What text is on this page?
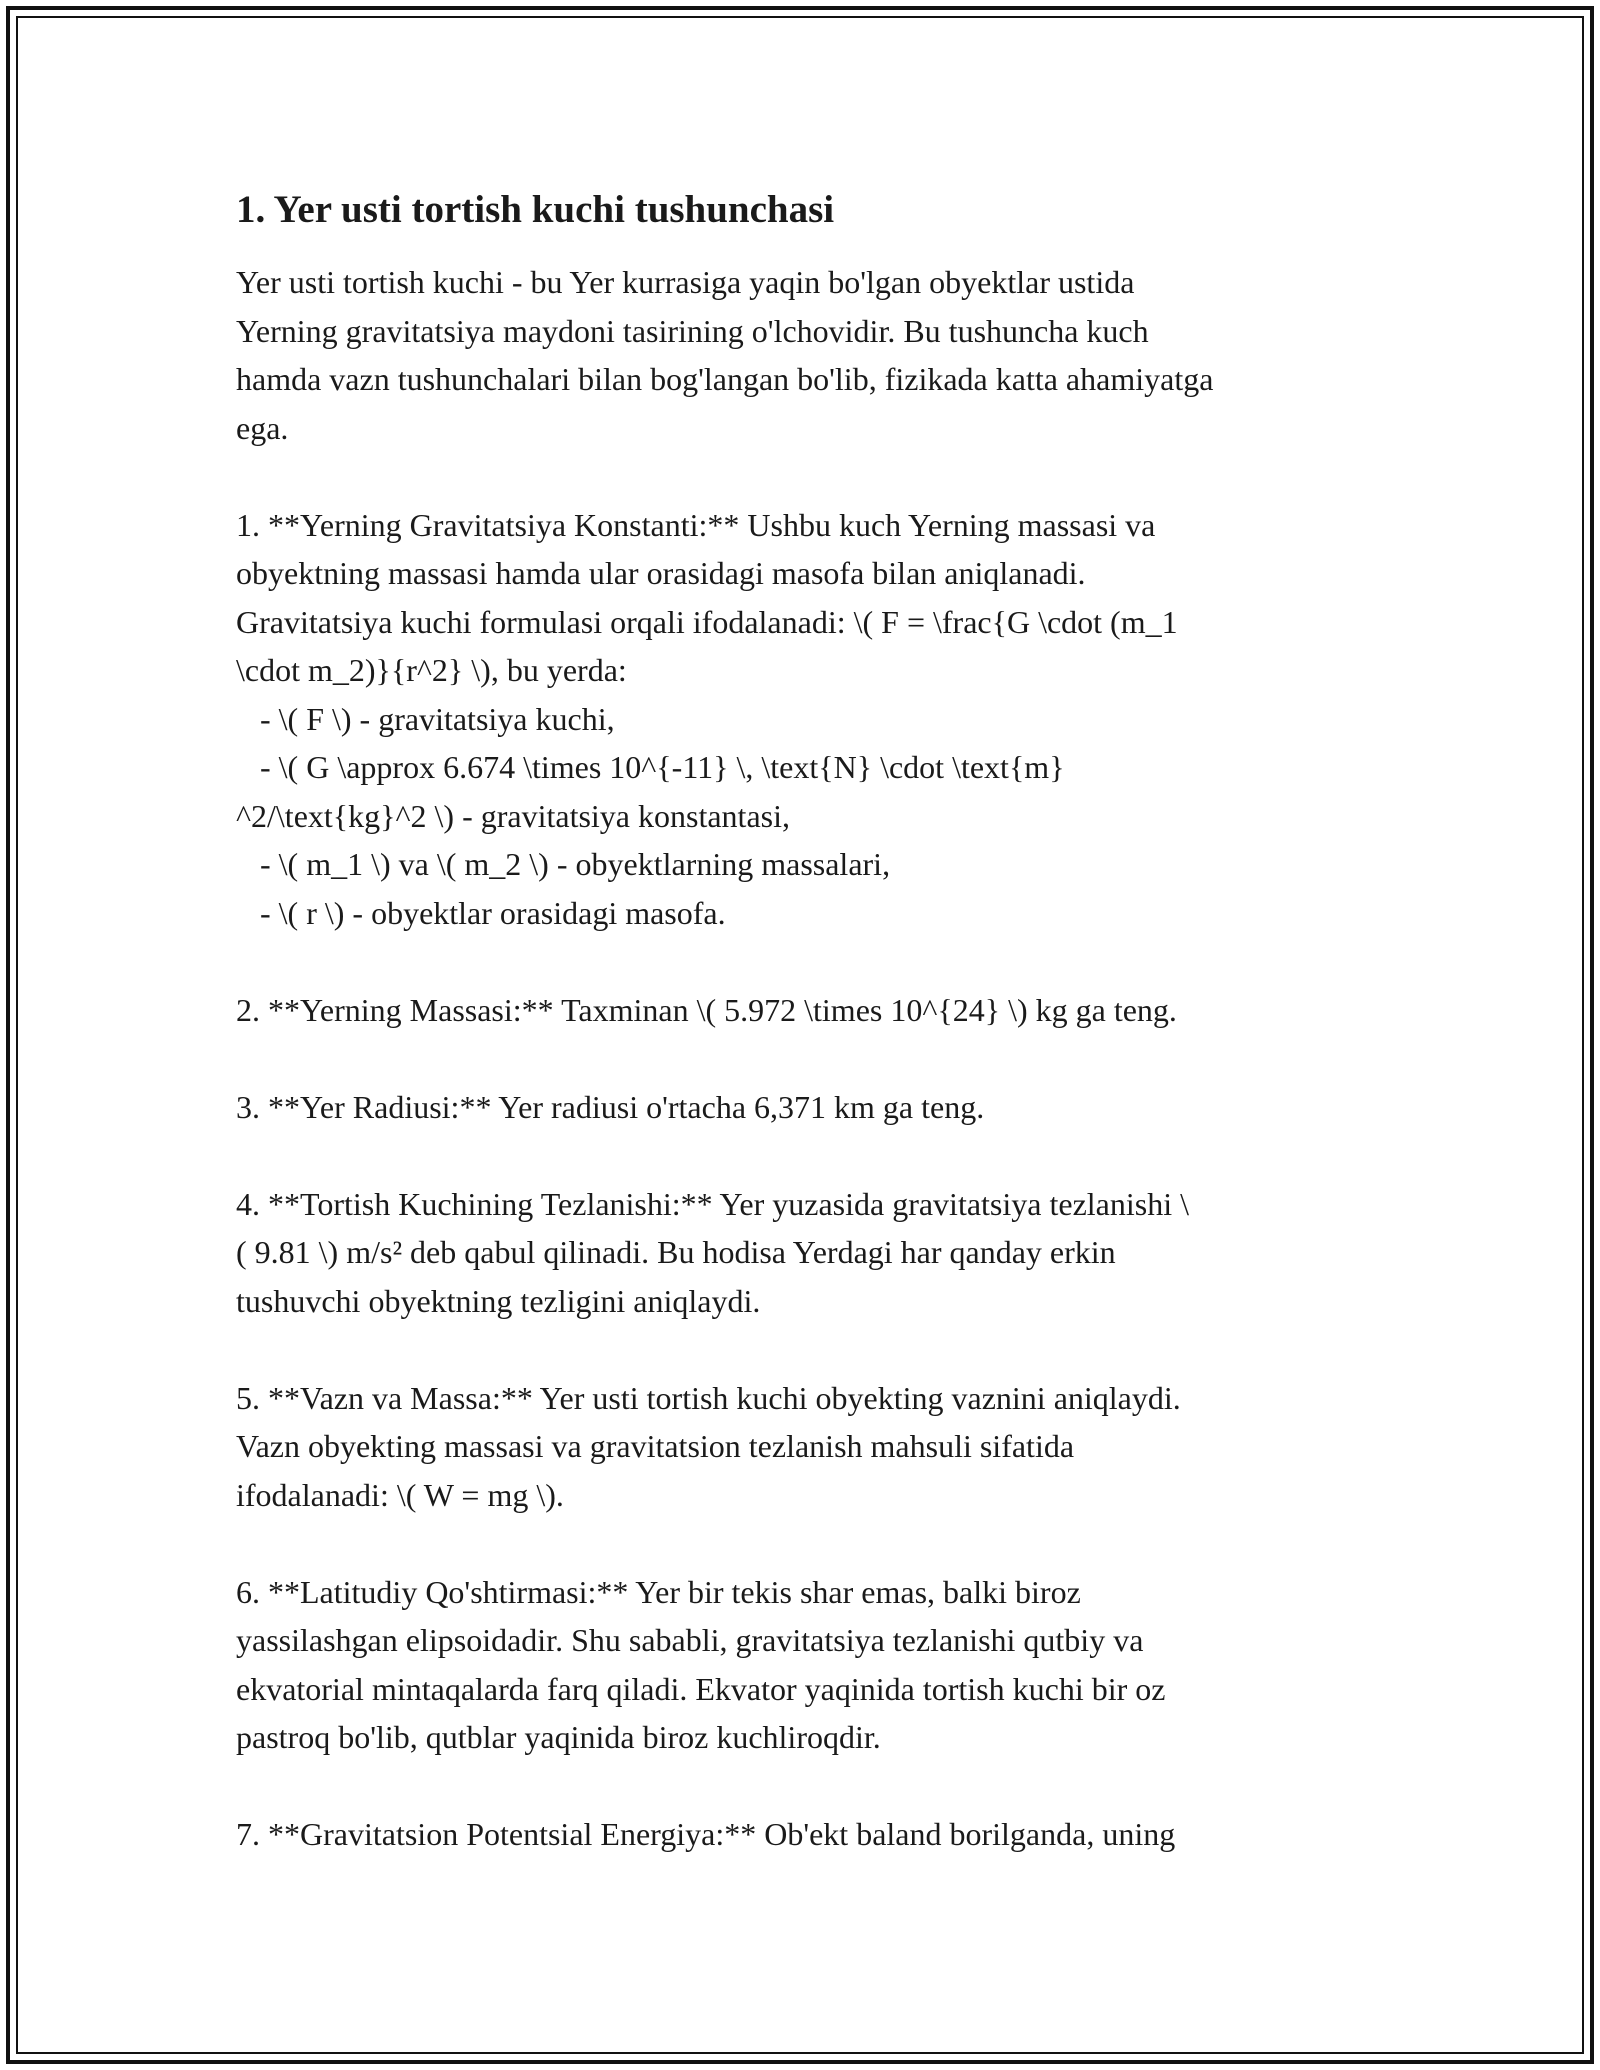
1. Yer usti tortish kuchi tushunchasi

Yer usti tortish kuchi - bu Yer kurrasiga yaqin bo'lgan obyektlar ustida
Yerning gravitatsiya maydoni tasirining o'lchovidir. Bu tushuncha kuch
hamda vazn tushunchalari bilan bog'langan bo'lib, fizikada katta ahamiyatga
ega.

1. **Yerning Gravitatsiya Konstanti:** Ushbu kuch Yerning massasi va
obyektning massasi hamda ular orasidagi masofa bilan aniqlanadi.
Gravitatsiya kuchi formulasi orqali ifodalanadi: \( F = \frac{G \cdot (m_1
\cdot m_2)}{r^2} \), bu yerda:
- \( F \) - gravitatsiya kuchi,
- \( G \approx 6.674 \times 10^{-11} \, \text{N} \cdot \text{m}
^2/\text{kg}^2 \) - gravitatsiya konstantasi,
- \( m_1 \) va \( m_2 \) - obyektlarning massalari,
- \( r \) - obyektlar orasidagi masofa.

2. **Yerning Massasi:** Taxminan \( 5.972 \times 10^{24} \) kg ga teng.

3. **Yer Radiusi:** Yer radiusi o'rtacha 6,371 km ga teng.

4. **Tortish Kuchining Tezlanishi:** Yer yuzasida gravitatsiya tezlanishi \
( 9.81 \) m/s² deb qabul qilinadi. Bu hodisa Yerdagi har qanday erkin
tushuvchi obyektning tezligini aniqlaydi.

5. **Vazn va Massa:** Yer usti tortish kuchi obyekting vaznini aniqlaydi.
Vazn obyekting massasi va gravitatsion tezlanish mahsuli sifatida
ifodalanadi: \( W = mg \).

6. **Latitudiy Qo'shtirmasi:** Yer bir tekis shar emas, balki biroz
yassilashgan elipsoidadir. Shu sababli, gravitatsiya tezlanishi qutbiy va
ekvatorial mintaqalarda farq qiladi. Ekvator yaqinida tortish kuchi bir oz
pastroq bo'lib, qutblar yaqinida biroz kuchliroqdir.

7. **Gravitatsion Potentsial Energiya:** Ob'ekt baland borilganda, uning
